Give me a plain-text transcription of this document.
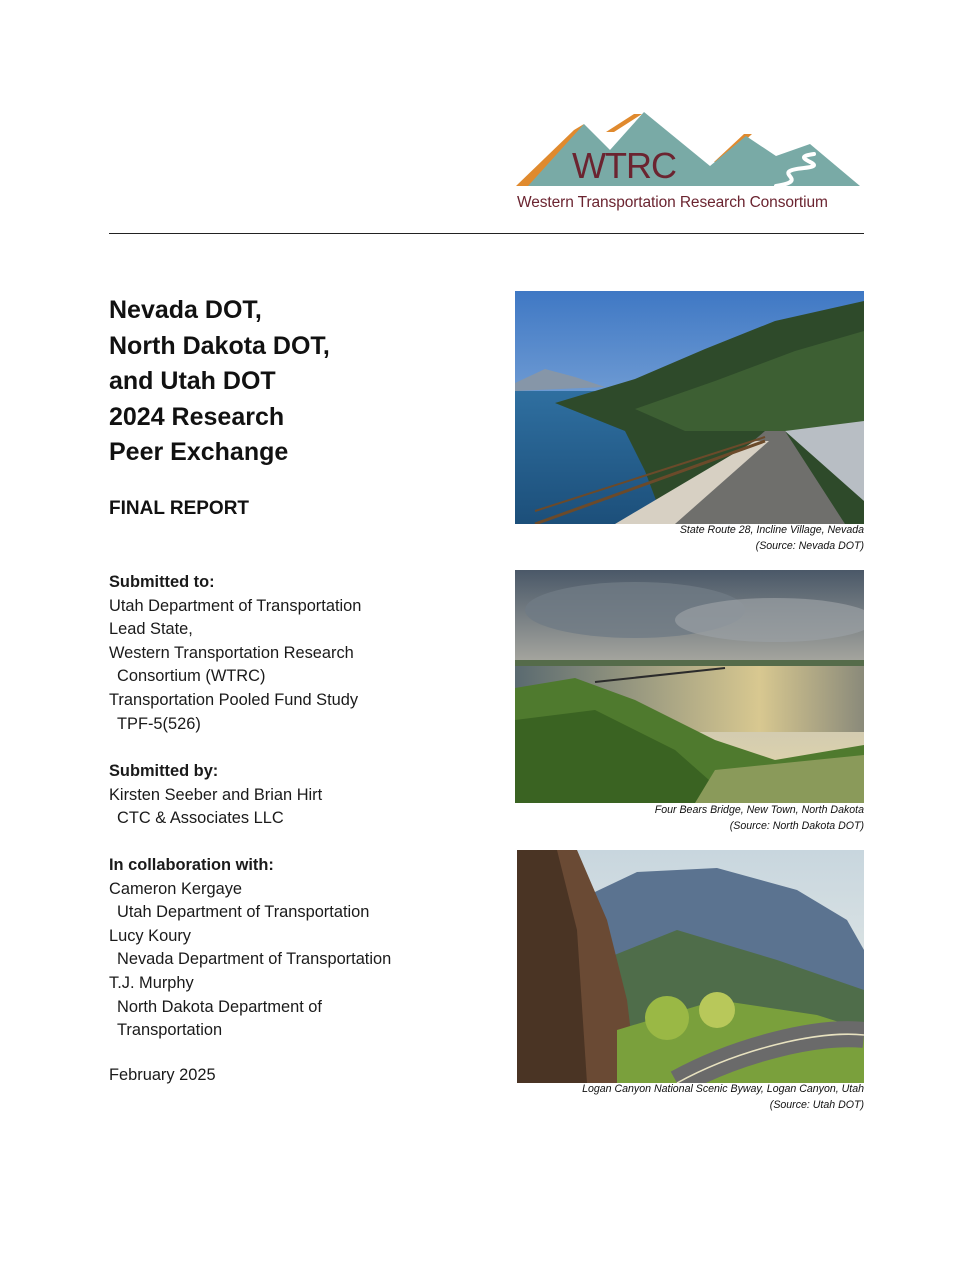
WTRC
Western Transportation Research Consortium
Nevada DOT,
North Dakota DOT,
and Utah DOT
2024 Research
Peer Exchange
FINAL REPORT
Submitted to:
Utah Department of Transportation
Lead State,
Western Transportation Research
Consortium (WTRC)
Transportation Pooled Fund Study
TPF-5(526)
Submitted by:
Kirsten Seeber and Brian Hirt
CTC & Associates LLC
In collaboration with:
Cameron Kergaye
Utah Department of Transportation
Lucy Koury
Nevada Department of Transportation
T.J. Murphy
North Dakota Department of
Transportation
February 2025
State Route 28, Incline Village, Nevada
(Source: Nevada DOT)
Four Bears Bridge, New Town, North Dakota
(Source: North Dakota DOT)
Logan Canyon National Scenic Byway, Logan Canyon, Utah
(Source: Utah DOT)
